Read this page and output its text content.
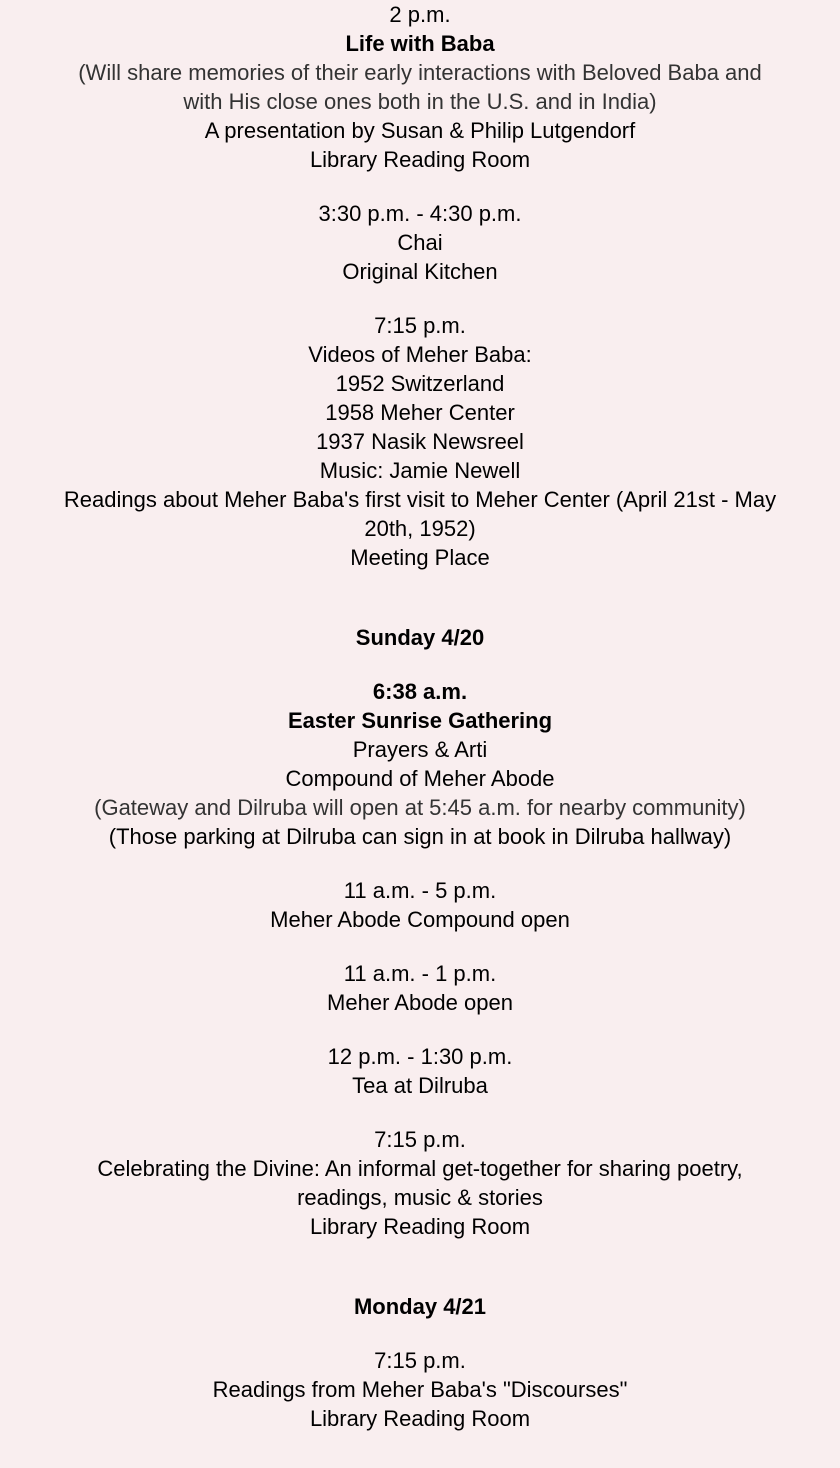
2 p.m.
Life with Baba
(Will share memories of their early interactions with Beloved Baba and
with His close ones both in the U.S. and in India)
A presentation by Susan & Philip Lutgendorf
Library Reading Room
3:30 p.m. - 4:30 p.m.
Chai
Original Kitchen
7:15 p.m.
Videos of Meher Baba:
1952 Switzerland
1958 Meher Center
1937 Nasik Newsreel
Music: Jamie Newell
Readings about Meher Baba's first visit to Meher Center (April 21st - May
20th, 1952)
Meeting Place
Sunday 4/20
6:38 a.m.
Easter Sunrise Gathering
Prayers & Arti
Compound of Meher Abode
(Gateway and Dilruba will open at 5:45 a.m. for nearby community)
(Those parking at Dilruba can sign in at book in Dilruba hallway)
11 a.m. - 5 p.m.
Meher Abode Compound open
11 a.m. - 1 p.m.
Meher Abode open
12 p.m. - 1:30 p.m.
Tea at Dilruba
7:15 p.m.
Celebrating the Divine: An informal get-together for sharing poetry,
readings, music & stories
Library Reading Room
Monday 4/21
7:15 p.m.
Readings from Meher Baba's "Discourses"
Library Reading Room
